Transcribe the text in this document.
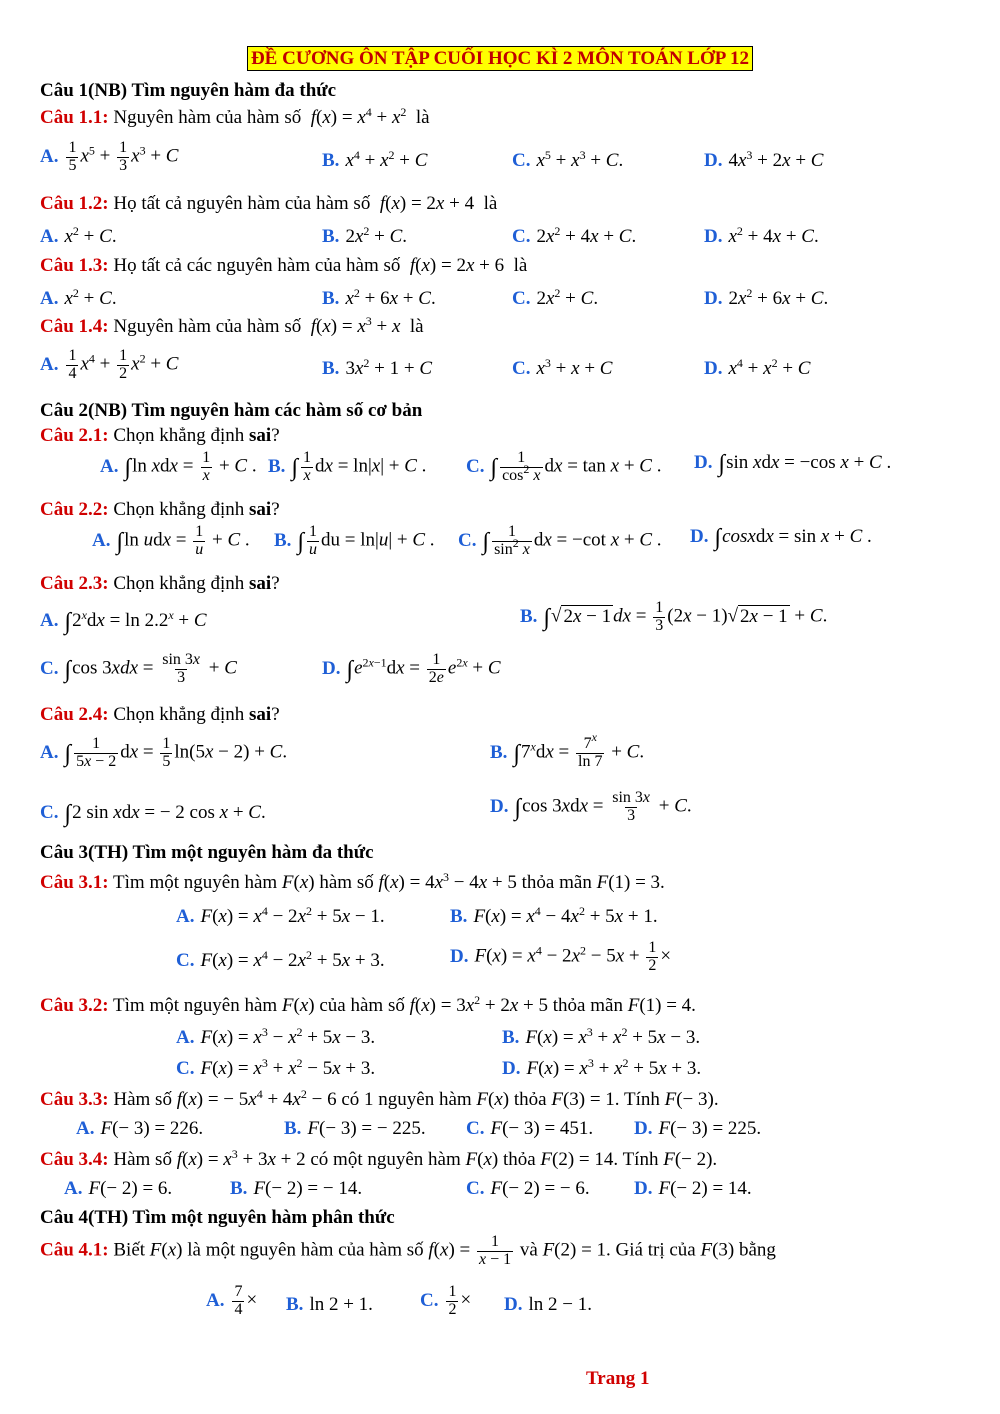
ĐỀ CƯƠNG ÔN TẬP CUỐI HỌC KÌ 2 MÔN TOÁN LỚP 12
Câu 1(NB) Tìm nguyên hàm đa thức
Câu 1.1: Nguyên hàm của hàm số  $f(x) = x^4 + x^2$ là
A. $\frac{1}{5} x^5 + \frac{1}{3} x^3 + C$	B. $x^4 + x^2 + C$	C. $x^5 + x^3 + C$.	D. $4x^3 + 2x + C$
Câu 1.2: Họ tất cả nguyên hàm của hàm số  f(x) = 2x + 4  là
A. $x^2 + C$.	B. $2x^2 + C$.	C. $2x^2 + 4x + C$.	D. $x^2 + 4x + C$.
Câu 1.3: Họ tất cả các nguyên hàm của hàm số  f(x) = 2x + 6  là
A. $x^2 + C$.	B. $x^2 + 6x + C$.	C. $2x^2 + C$.	D. $2x^2 + 6x + C$.
Câu 1.4: Nguyên hàm của hàm số  $f(x) = x^3 + x$ là
A. $\frac{1}{4} x^4 + \frac{1}{2} x^2 + C$	B. $3x^2 + 1 + C$	C. $x^3 + x + C$	D. $x^4 + x^2 + C$
Câu 2(NB) Tìm nguyên hàm các hàm số cơ bản
Câu 2.1: Chọn khẳng định sai?
A. ∫ln xdx = $\frac{1}{x} + C$ . B. ∫ $\frac{1}{x}$ dx = ln|x| + C . C. ∫ $\frac{1}{\cos^2 x}$ dx = tan x + C . D. ∫sin xdx = −cos x + C .
Câu 2.2: Chọn khẳng định sai?
A. ∫ln udx = $\frac{1}{u} + C$ . B. ∫ $\frac{1}{u}$ du = ln|u| + C . C. ∫ $\frac{1}{\sin^2 x}$ dx = −cot x + C . D. ∫cosxdx = sin x + C .
Câu 2.3: Chọn khẳng định sai?
A. $\int 2^xdx = \ln 2.2^x + C$	B. ∫√ 2x − 1 dx = $\frac{1}{3} (2x - 1)√$ 2x − 1 + C.
C. ∫cos $3xdx = \frac{\sin 3x}{3} + C$	D. $\int e^{2x-1}dx = \frac{1}{2e} e^{2x} + C$
Câu 2.4: Chọn khẳng định sai?
A. ∫ $\frac{1}{5x - 2}$ dx = $\frac{1}{5} \ln(5x - 2) + C$.	B. $\int 7^xdx = \frac{7^x}{\ln 7} + C$.
C. ∫2 sin xdx = − 2 cos x + C.	D. ∫cos $3xdx = \frac{\sin 3x}{3} + C$.
Câu 3(TH) Tìm một nguyên hàm đa thức
Câu 3.1: Tìm một nguyên hàm F(x) hàm số $f(x) = 4x^3 - 4x + 5$ thỏa mãn F(1) = 3.
A. $F(x) = x^4 - 2x^2 + 5x - 1$.	B. $F(x) = x^4 - 4x^2 + 5x + 1$.
C. $F(x) = x^4 - 2x^2 + 5x + 3$.	D. $F(x) = x^4 - 2x^2 - 5x + \frac{1}{2}$ ×
Câu 3.2: Tìm một nguyên hàm F(x) của hàm số $f(x) = 3x^2 + 2x + 5$ thỏa mãn F(1) = 4.
A. $F(x) = x^3 - x^2 + 5x - 3$.	B. $F(x) = x^3 + x^2 + 5x - 3$.
C. $F(x) = x^3 + x^2 - 5x + 3$.	D. $F(x) = x^3 + x^2 + 5x + 3$.
Câu 3.3: Hàm số f(x) = − $5x^4 + 4x^2 - 6$ có 1 nguyên hàm F(x) thỏa F(3) = 1. Tính F(− 3).
A. F(− 3) = 226.	B. F(− 3) = − 225. C. F(− 3) = 451. D. F(− 3) = 225.
Câu 3.4: Hàm số $f(x) = x^3 + 3x + 2$ có một nguyên hàm F(x) thỏa F(2) = 14. Tính F(− 2).
A. F(− 2) = 6.	B. F(− 2) = − 14.	C. F(− 2) = − 6. D. F(− 2) = 14.
Câu 4(TH) Tìm một nguyên hàm phân thức
Câu 4.1: Biết F(x) là một nguyên hàm của hàm số $f(x) = \frac{1}{x - 1}$ và F(2) = 1. Giá trị của F(3) bằng
A. $\frac{7}{4} \times B$. ln 2 + 1. C. $\frac{1}{2} \times D$. ln 2 − 1.
Trang 1
